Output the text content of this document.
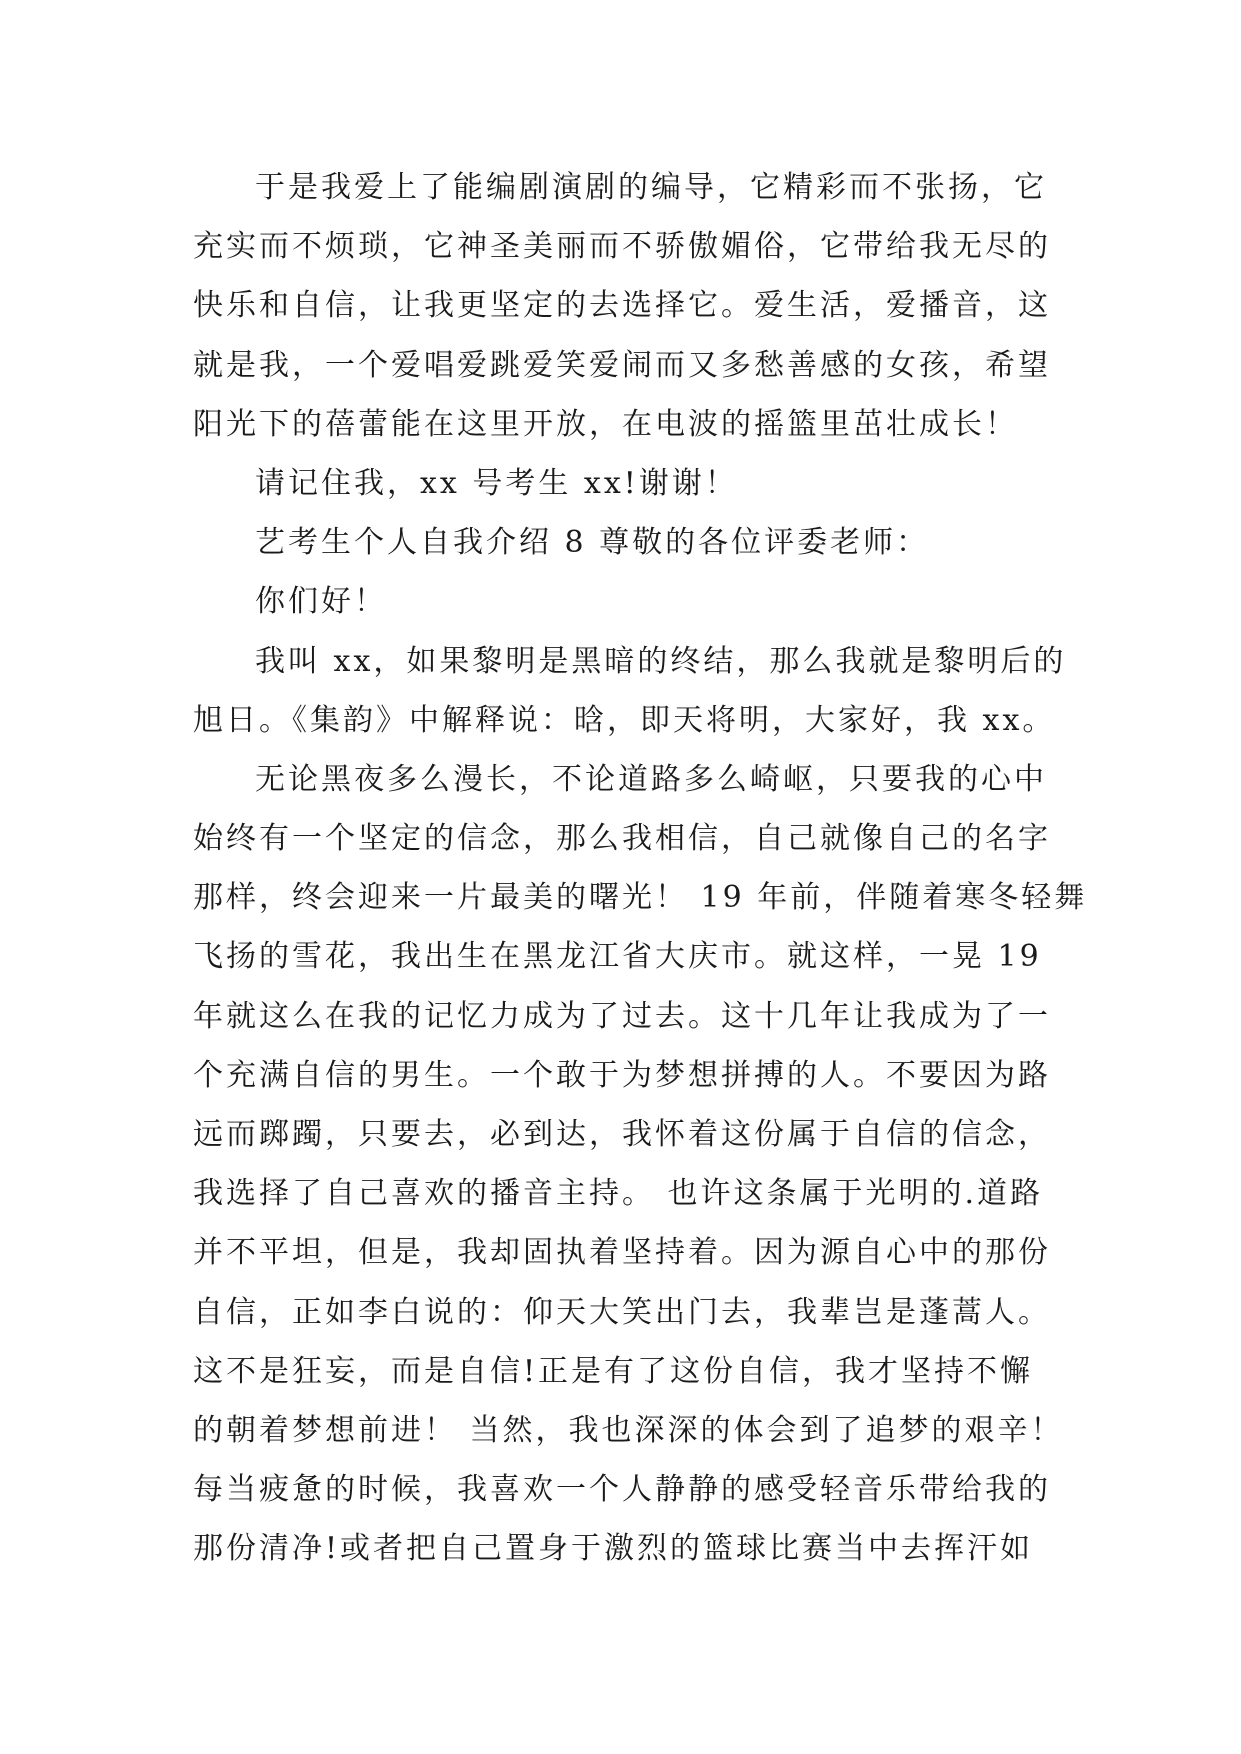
于是我爱上了能编剧演剧的编导，它精彩而不张扬，它
充实而不烦琐，它神圣美丽而不骄傲媚俗，它带给我无尽的
快乐和自信，让我更坚定的去选择它。爱生活，爱播音，这
就是我，一个爱唱爱跳爱笑爱闹而又多愁善感的女孩，希望
阳光下的蓓蕾能在这里开放，在电波的摇篮里茁壮成长！
请记住我，xx 号考生 xx!谢谢！
艺考生个人自我介绍 8 尊敬的各位评委老师：
你们好！
我叫 xx，如果黎明是黑暗的终结，那么我就是黎明后的
旭日。《集韵》中解释说：晗，即天将明，大家好，我 xx。
无论黑夜多么漫长，不论道路多么崎岖，只要我的心中
始终有一个坚定的信念，那么我相信，自己就像自己的名字
那样，终会迎来一片最美的曙光！ 19 年前，伴随着寒冬轻舞
飞扬的雪花，我出生在黑龙江省大庆市。就这样，一晃 19
年就这么在我的记忆力成为了过去。这十几年让我成为了一
个充满自信的男生。一个敢于为梦想拼搏的人。不要因为路
远而踯躅，只要去，必到达，我怀着这份属于自信的信念，
我选择了自己喜欢的播音主持。 也许这条属于光明的.道路
并不平坦，但是，我却固执着坚持着。因为源自心中的那份
自信，正如李白说的：仰天大笑出门去，我辈岂是蓬蒿人。
这不是狂妄，而是自信!正是有了这份自信，我才坚持不懈
的朝着梦想前进！ 当然，我也深深的体会到了追梦的艰辛！
每当疲惫的时候，我喜欢一个人静静的感受轻音乐带给我的
那份清净!或者把自己置身于激烈的篮球比赛当中去挥汗如
